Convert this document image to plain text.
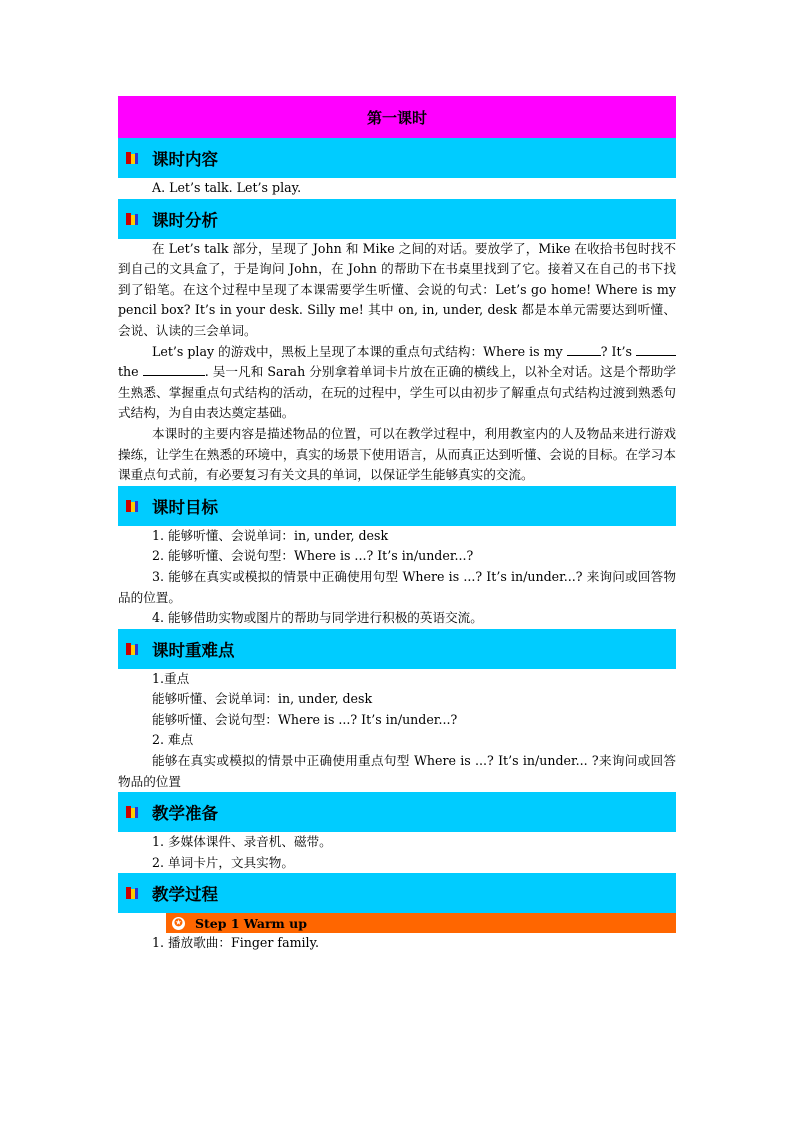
第一课时
课时内容
A. Let’s talk. Let’s play.
课时分析
在 Let’s talk 部分，呈现了 John 和 Mike 之间的对话。要放学了，Mike 在收拾书包时找不到自己的文具盒了，于是询问 John，在 John 的帮助下在书桌里找到了它。接着又在自己的书下找到了铅笔。在这个过程中呈现了本课需要学生听懂、会说的句式：Let’s go home! Where is my pencil box? It’s in your desk. Silly me! 其中 on, in, under, desk 都是本单元需要达到听懂、会说、认读的三会单词。
Let’s play 的游戏中，黑板上呈现了本课的重点句式结构：Where is my	? It’s  the	. 吴一凡和 Sarah 分别拿着单词卡片放在正确的横线上，以补全对话。这是个帮助学生熟悉、掌握重点句式结构的活动，在玩的过程中，学生可以由初步了解重点句式结构过渡到熟悉句式结构，为自由表达奠定基础。
本课时的主要内容是描述物品的位置，可以在教学过程中，利用教室内的人及物品来进行游戏操练，让学生在熟悉的环境中，真实的场景下使用语言，从而真正达到听懂、会说的目标。在学习本课重点句式前，有必要复习有关文具的单词，以保证学生能够真实的交流。
课时目标
1. 能够听懂、会说单词：in, under, desk
2. 能够听懂、会说句型：Where is ...? It’s in/under...?
3. 能够在真实或模拟的情景中正确使用句型 Where is ...? It’s in/under...? 来询问或回答物品的位置。
4. 能够借助实物或图片的帮助与同学进行积极的英语交流。
课时重难点
1.重点
能够听懂、会说单词：in, under, desk
能够听懂、会说句型：Where is ...? It’s in/under...?
2. 难点
能够在真实或模拟的情景中正确使用重点句型 Where is ...? It’s in/under... ?来询问或回答物品的位置
教学准备
1. 多媒体课件、录音机、磁带。
2. 单词卡片，文具实物。
教学过程
✪ Step 1 Warm up
1. 播放歌曲：Finger family.
